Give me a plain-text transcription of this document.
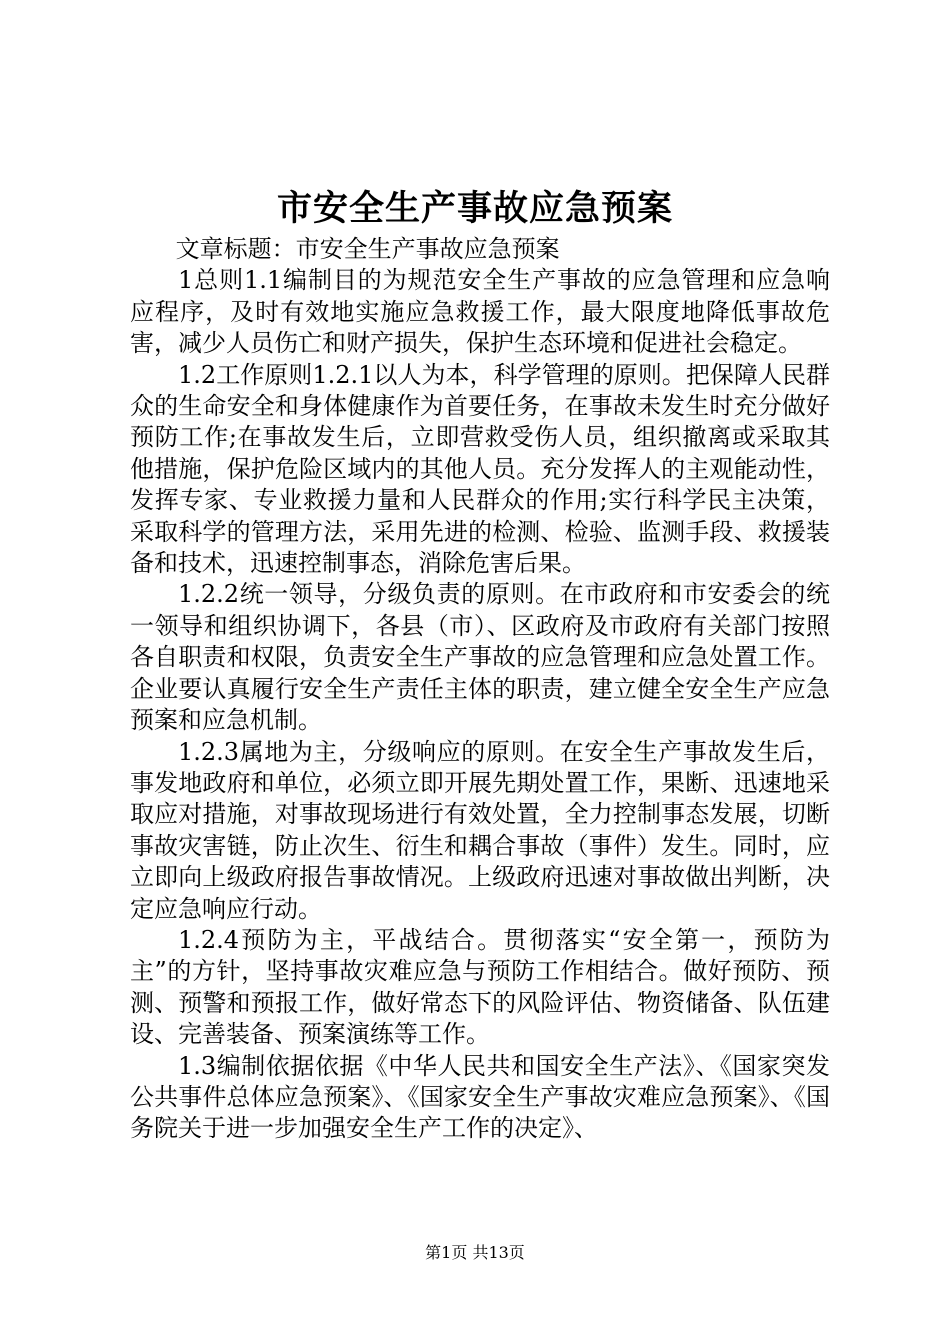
市安全生产事故应急预案

文章标题：市安全生产事故应急预案

1总则1.1编制目的为规范安全生产事故的应急管理和应急响应程序，及时有效地实施应急救援工作，最大限度地降低事故危害，减少人员伤亡和财产损失，保护生态环境和促进社会稳定。

1.2工作原则1.2.1以人为本，科学管理的原则。把保障人民群众的生命安全和身体健康作为首要任务，在事故未发生时充分做好预防工作;在事故发生后，立即营救受伤人员，组织撤离或采取其他措施，保护危险区域内的其他人员。充分发挥人的主观能动性，发挥专家、专业救援力量和人民群众的作用;实行科学民主决策，采取科学的管理方法，采用先进的检测、检验、监测手段、救援装备和技术，迅速控制事态，消除危害后果。

1.2.2统一领导，分级负责的原则。在市政府和市安委会的统一领导和组织协调下，各县（市）、区政府及市政府有关部门按照各自职责和权限，负责安全生产事故的应急管理和应急处置工作。企业要认真履行安全生产责任主体的职责，建立健全安全生产应急预案和应急机制。

1.2.3属地为主，分级响应的原则。在安全生产事故发生后，事发地政府和单位，必须立即开展先期处置工作，果断、迅速地采取应对措施，对事故现场进行有效处置，全力控制事态发展，切断事故灾害链，防止次生、衍生和耦合事故（事件）发生。同时，应立即向上级政府报告事故情况。上级政府迅速对事故做出判断，决定应急响应行动。

1.2.4预防为主，平战结合。贯彻落实“安全第一，预防为主”的方针，坚持事故灾难应急与预防工作相结合。做好预防、预测、预警和预报工作，做好常态下的风险评估、物资储备、队伍建设、完善装备、预案演练等工作。

1.3编制依据依据《中华人民共和国安全生产法》、《国家突发公共事件总体应急预案》、《国家安全生产事故灾难应急预案》、《国务院关于进一步加强安全生产工作的决定》、

第1页 共13页
